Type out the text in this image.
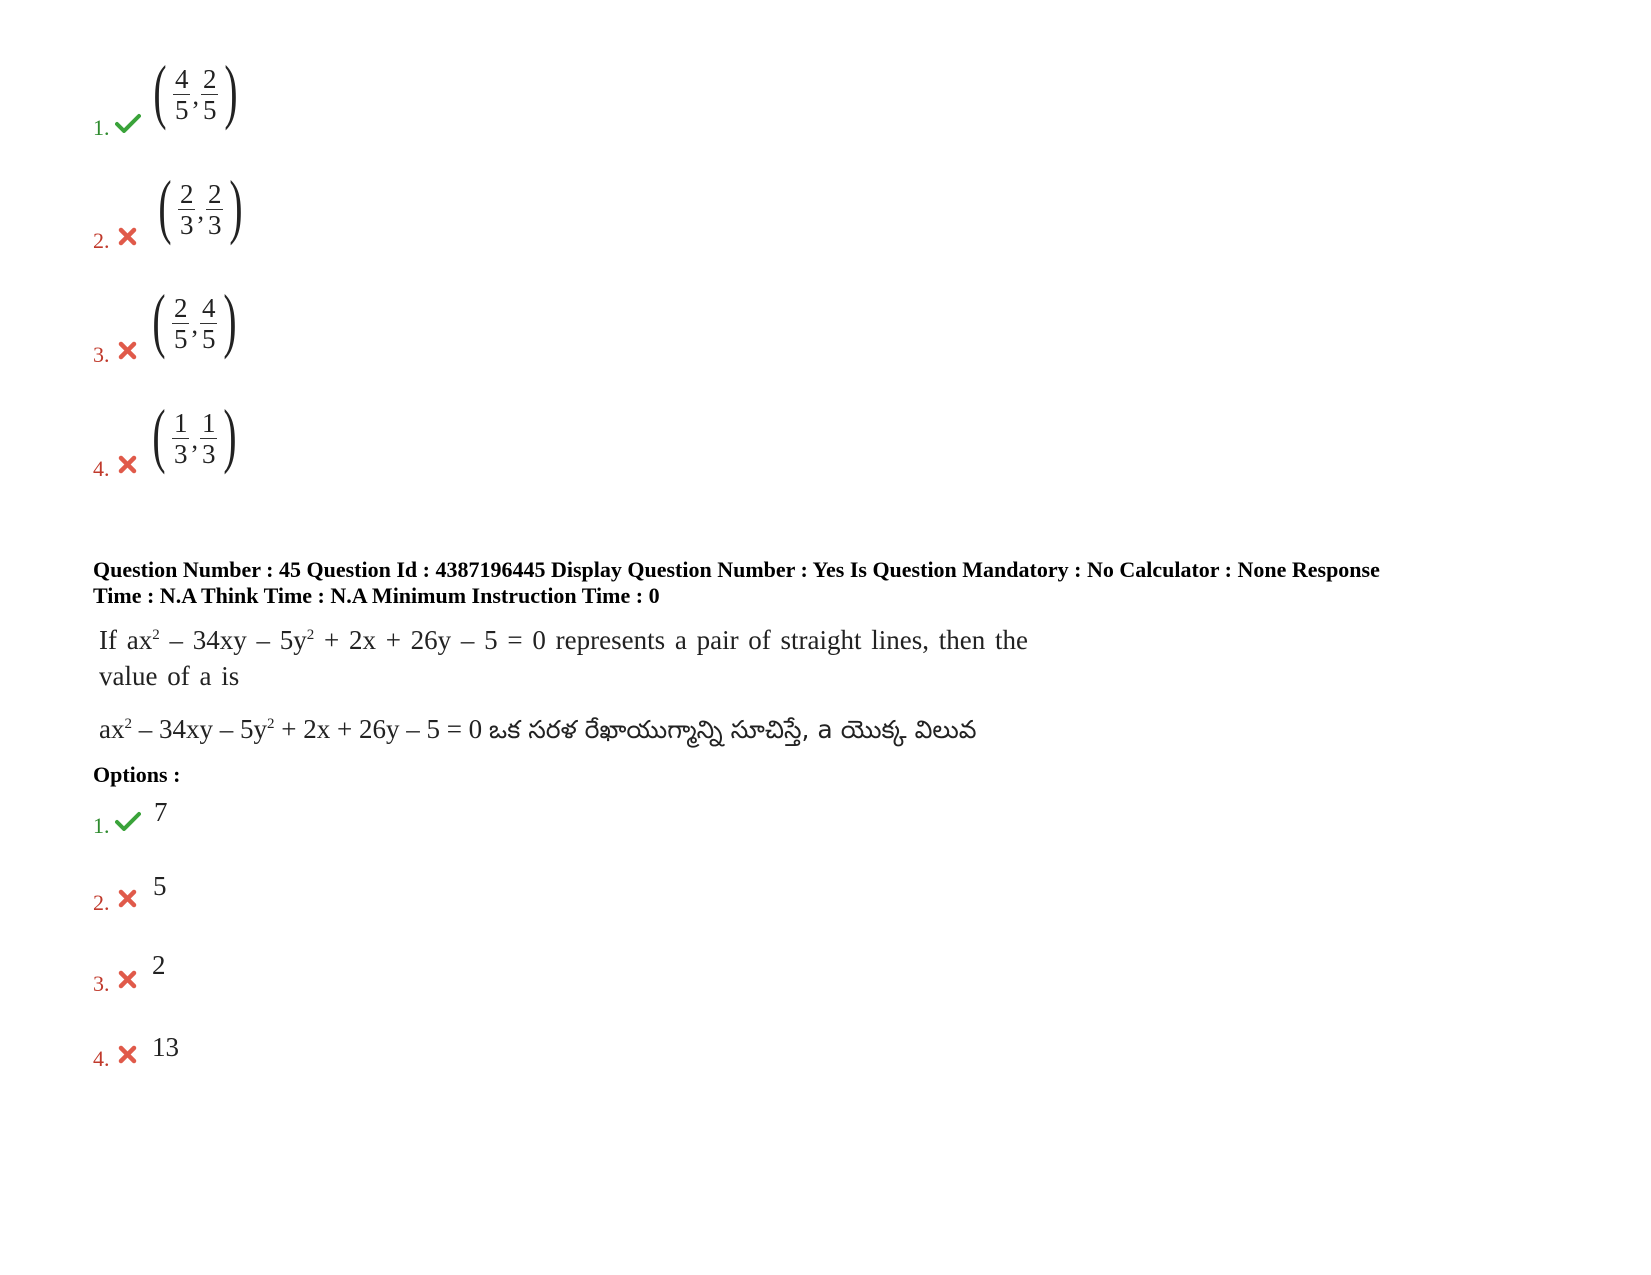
1. ( $\frac{4}{5}$ , $\frac{2}{5}$ )
2. ( $\frac{2}{3}$ , $\frac{2}{3}$ )
3. ( $\frac{2}{5}$ , $\frac{4}{5}$ )
4. ( $\frac{1}{3}$ , $\frac{1}{3}$ )
Question Number : 45 Question Id : 4387196445 Display Question Number : Yes Is Question Mandatory : No Calculator : None Response
Time : N.A Think Time : N.A Minimum Instruction Time : 0
If $ax^2 - 34xy - 5y^2 + 2x + 26y - 5 = 0$ represents a pair of straight lines, then the
value of a is
$ax^2 - 34xy - 5y^2 + 2x + 26y - 5 = 0$ ఒక సరళ రేఖాయుగ్మాన్ని సూచిస్తే, a యొక్క విలువ
Options :
1. 7
2.
5
3.
2
4. 13
